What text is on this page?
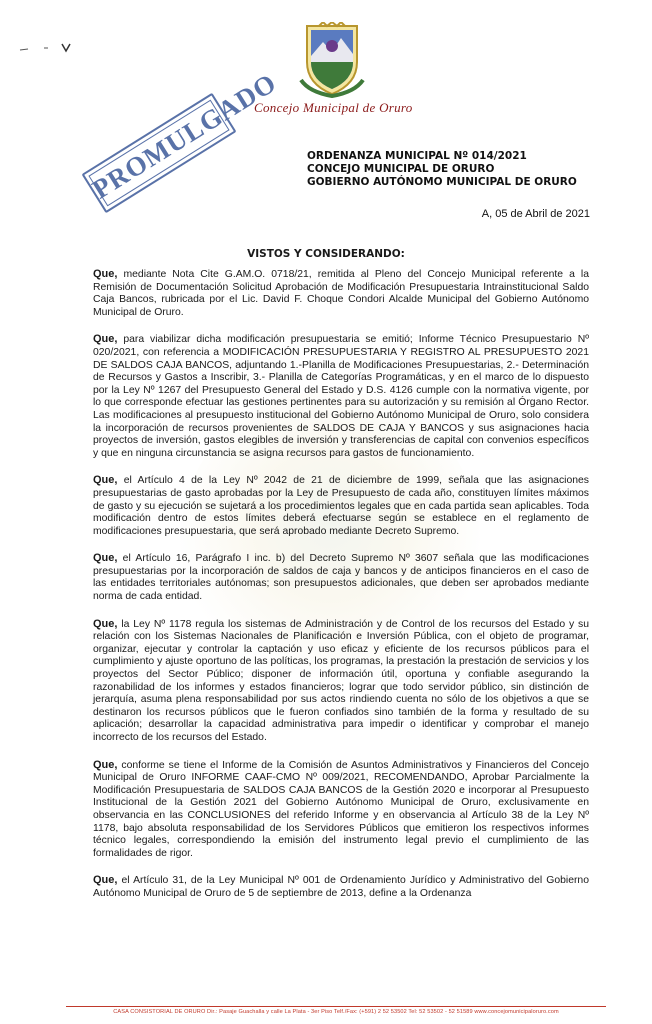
Concejo Municipal de Oruro
PROMULGADO ORDENANZA MUNICIPAL Nº 014/2021
CONCEJO MUNICIPAL DE ORURO
GOBIERNO AUTÓNOMO MUNICIPAL DE ORURO
A, 05 de Abril de 2021
VISTOS Y CONSIDERANDO:

Que, mediante Nota Cite G.AM.O. 0718/21, remitida al Pleno del Concejo Municipal referente a la Remisión de Documentación Solicitud Aprobación de Modificación Presupuestaria Intrainstitucional Saldo Caja Bancos, rubricada por el Lic. David F. Choque Condori Alcalde Municipal del Gobierno Autónomo Municipal de Oruro.

Que, para viabilizar dicha modificación presupuestaria se emitió; Informe Técnico Presupuestario Nº 020/2021, con referencia a MODIFICACIÓN PRESUPUESTARIA Y REGISTRO AL PRESUPUESTO 2021 DE SALDOS CAJA BANCOS, adjuntando 1.-Planilla de Modificaciones Presupuestarias, 2.- Determinación de Recursos y Gastos a Inscribir, 3.- Planilla de Categorías Programáticas, y en el marco de lo dispuesto por la Ley Nº 1267 del Presupuesto General del Estado y D.S. 4126 cumple con la normativa vigente, por lo que corresponde efectuar las gestiones pertinentes para su autorización y su remisión al Órgano Rector. Las modificaciones al presupuesto institucional del Gobierno Autónomo Municipal de Oruro, solo considera la incorporación de recursos provenientes de SALDOS DE CAJA Y BANCOS y sus asignaciones hacia proyectos de inversión, gastos elegibles de inversión y transferencias de capital con convenios específicos y que en ninguna circunstancia se asigna recursos para gastos de funcionamiento.

Que, el Artículo 4 de la Ley Nº 2042 de 21 de diciembre de 1999, señala que las asignaciones presupuestarias de gasto aprobadas por la Ley de Presupuesto de cada año, constituyen límites máximos de gasto y su ejecución se sujetará a los procedimientos legales que en cada partida sean aplicables. Toda modificación dentro de estos límites deberá efectuarse según se establece en el reglamento de modificaciones presupuestaria, que será aprobado mediante Decreto Supremo.

Que, el Artículo 16, Parágrafo I inc. b) del Decreto Supremo Nº 3607 señala que las modificaciones presupuestarias por la incorporación de saldos de caja y bancos y de anticipos financieros en el caso de las entidades territoriales autónomas; son presupuestos adicionales, que deben ser aprobados mediante norma de cada entidad.

Que, la Ley Nº 1178 regula los sistemas de Administración y de Control de los recursos del Estado y su relación con los Sistemas Nacionales de Planificación e Inversión Pública, con el objeto de programar, organizar, ejecutar y controlar la captación y uso eficaz y eficiente de los recursos públicos para el cumplimiento y ajuste oportuno de las políticas, los programas, la prestación la prestación de servicios y los proyectos del Sector Público; disponer de información útil, oportuna y confiable asegurando la razonabilidad de los informes y estados financieros; lograr que todo servidor público, sin distinción de jerarquía, asuma plena responsabilidad por sus actos rindiendo cuenta no sólo de los objetivos a que se destinaron los recursos públicos que le fueron confiados sino también de la forma y resultado de su aplicación; desarrollar la capacidad administrativa para impedir o identificar y comprobar el manejo incorrecto de los recursos del Estado.

Que, conforme se tiene el Informe de la Comisión de Asuntos Administrativos y Financieros del Concejo Municipal de Oruro INFORME CAAF-CMO Nº 009/2021, RECOMENDANDO, Aprobar Parcialmente la Modificación Presupuestaria de SALDOS CAJA BANCOS de la Gestión 2020 e incorporar al Presupuesto Institucional de la Gestión 2021 del Gobierno Autónomo Municipal de Oruro, exclusivamente en observancia en las CONCLUSIONES del referido Informe y en observancia al Artículo 38 de la Ley Nº 1178, bajo absoluta responsabilidad de los Servidores Públicos que emitieron los respectivos informes técnico legales, correspondiendo la emisión del instrumento legal previo el cumplimiento de las formalidades de rigor.

Que, el Artículo 31, de la Ley Municipal Nº 001 de Ordenamiento Jurídico y Administrativo del Gobierno Autónomo Municipal de Oruro de 5 de septiembre de 2013, define a la Ordenanza

CASA CONSISTORIAL DE ORURO Dir.: Pasaje Guachalla y calle La Plata - 3er Piso Telf./Fax: (+591) 2 52 53502 Tel: 52 53502 - 52 51589 www.concejomunicipaloruro.com
